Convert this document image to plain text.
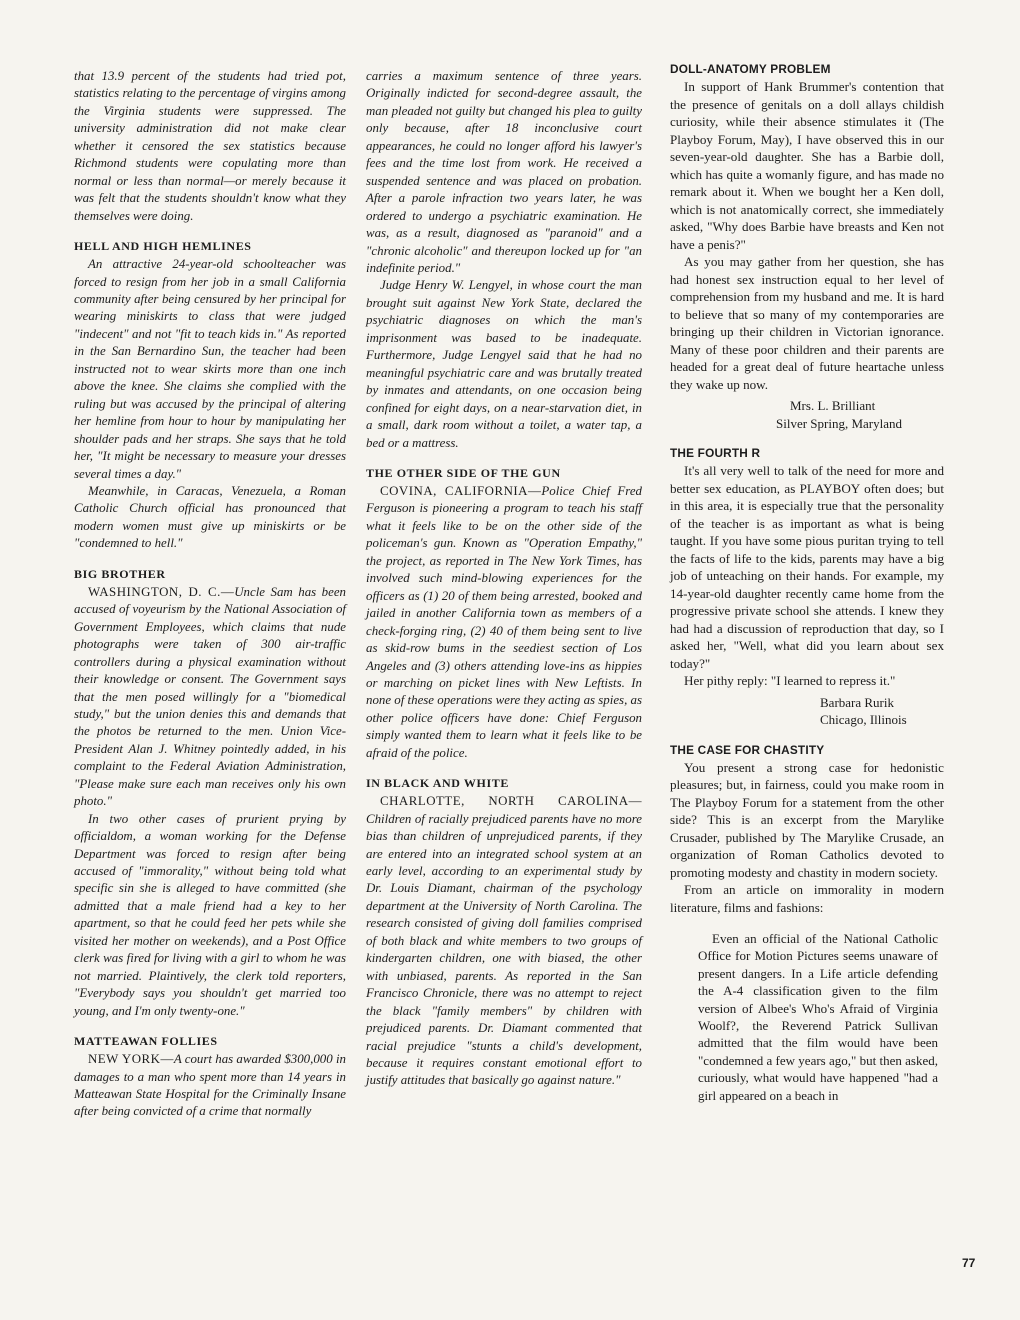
that 13.9 percent of the students had tried pot, statistics relating to the percentage of virgins among the Virginia students were suppressed. The university administration did not make clear whether it censored the sex statistics because Richmond students were copulating more than normal or less than normal—or merely because it was felt that the students shouldn't know what they themselves were doing.

HELL AND HIGH HEMLINES

An attractive 24-year-old schoolteacher was forced to resign from her job in a small California community after being censured by her principal for wearing miniskirts to class that were judged "indecent" and not "fit to teach kids in." As reported in the San Bernardino Sun, the teacher had been instructed not to wear skirts more than one inch above the knee. She claims she complied with the ruling but was accused by the principal of altering her hemline from hour to hour by manipulating her shoulder pads and her straps. She says that he told her, "It might be necessary to measure your dresses several times a day."

Meanwhile, in Caracas, Venezuela, a Roman Catholic Church official has pronounced that modern women must give up miniskirts or be "condemned to hell."

BIG BROTHER

WASHINGTON, D. C.—Uncle Sam has been accused of voyeurism by the National Association of Government Employees, which claims that nude photographs were taken of 300 air-traffic controllers during a physical examination without their knowledge or consent. The Government says that the men posed willingly for a "biomedical study," but the union denies this and demands that the photos be returned to the men. Union Vice-President Alan J. Whitney pointedly added, in his complaint to the Federal Aviation Administration, "Please make sure each man receives only his own photo."

In two other cases of prurient prying by officialdom, a woman working for the Defense Department was forced to resign after being accused of "immorality," without being told what specific sin she is alleged to have committed (she admitted that a male friend had a key to her apartment, so that he could feed her pets while she visited her mother on weekends), and a Post Office clerk was fired for living with a girl to whom he was not married. Plaintively, the clerk told reporters, "Everybody says you shouldn't get married too young, and I'm only twenty-one."

MATTEAWAN FOLLIES

NEW YORK—A court has awarded $300,000 in damages to a man who spent more than 14 years in Matteawan State Hospital for the Criminally Insane after being convicted of a crime that normally

carries a maximum sentence of three years. Originally indicted for second-degree assault, the man pleaded not guilty but changed his plea to guilty only because, after 18 inconclusive court appearances, he could no longer afford his lawyer's fees and the time lost from work. He received a suspended sentence and was placed on probation. After a parole infraction two years later, he was ordered to undergo a psychiatric examination. He was, as a result, diagnosed as "paranoid" and a "chronic alcoholic" and thereupon locked up for "an indefinite period."

Judge Henry W. Lengyel, in whose court the man brought suit against New York State, declared the psychiatric diagnoses on which the man's imprisonment was based to be inadequate. Furthermore, Judge Lengyel said that he had no meaningful psychiatric care and was brutally treated by inmates and attendants, on one occasion being confined for eight days, on a near-starvation diet, in a small, dark room without a toilet, a water tap, a bed or a mattress.

THE OTHER SIDE OF THE GUN

COVINA, CALIFORNIA—Police Chief Fred Ferguson is pioneering a program to teach his staff what it feels like to be on the other side of the policeman's gun. Known as "Operation Empathy," the project, as reported in The New York Times, has involved such mind-blowing experiences for the officers as (1) 20 of them being arrested, booked and jailed in another California town as members of a check-forging ring, (2) 40 of them being sent to live as skid-row bums in the seediest section of Los Angeles and (3) others attending love-ins as hippies or marching on picket lines with New Leftists. In none of these operations were they acting as spies, as other police officers have done: Chief Ferguson simply wanted them to learn what it feels like to be afraid of the police.

IN BLACK AND WHITE

CHARLOTTE, NORTH CAROLINA—Children of racially prejudiced parents have no more bias than children of unprejudiced parents, if they are entered into an integrated school system at an early level, according to an experimental study by Dr. Louis Diamant, chairman of the psychology department at the University of North Carolina. The research consisted of giving doll families comprised of both black and white members to two groups of kindergarten children, one with biased, the other with unbiased, parents. As reported in the San Francisco Chronicle, there was no attempt to reject the black "family members" by children with prejudiced parents. Dr. Diamant commented that racial prejudice "stunts a child's development, because it requires constant emotional effort to justify attitudes that basically go against nature."

DOLL-ANATOMY PROBLEM

In support of Hank Brummer's contention that the presence of genitals on a doll allays childish curiosity, while their absence stimulates it (The Playboy Forum, May), I have observed this in our seven-year-old daughter. She has a Barbie doll, which has quite a womanly figure, and has made no remark about it. When we bought her a Ken doll, which is not anatomically correct, she immediately asked, "Why does Barbie have breasts and Ken not have a penis?"

As you may gather from her question, she has had honest sex instruction equal to her level of comprehension from my husband and me. It is hard to believe that so many of my contemporaries are bringing up their children in Victorian ignorance. Many of these poor children and their parents are headed for a great deal of future heartache unless they wake up now.

Mrs. L. Brilliant
Silver Spring, Maryland
THE FOURTH R

It's all very well to talk of the need for more and better sex education, as PLAYBOY often does; but in this area, it is especially true that the personality of the teacher is as important as what is being taught. If you have some pious puritan trying to tell the facts of life to the kids, parents may have a big job of unteaching on their hands. For example, my 14-year-old daughter recently came home from the progressive private school she attends. I knew they had had a discussion of reproduction that day, so I asked her, "Well, what did you learn about sex today?"

Her pithy reply: "I learned to repress it."

Barbara Rurik
Chicago, Illinois
THE CASE FOR CHASTITY

You present a strong case for hedonistic pleasures; but, in fairness, could you make room in The Playboy Forum for a statement from the other side? This is an excerpt from the Marylike Crusader, published by The Marylike Crusade, an organization of Roman Catholics devoted to promoting modesty and chastity in modern society.

From an article on immorality in modern literature, films and fashions:

Even an official of the National Catholic Office for Motion Pictures seems unaware of present dangers. In a Life article defending the A-4 classification given to the film version of Albee's Who's Afraid of Virginia Woolf?, the Reverend Patrick Sullivan admitted that the film would have been "condemned a few years ago," but then asked, curiously, what would have happened "had a girl appeared on a beach in

77
